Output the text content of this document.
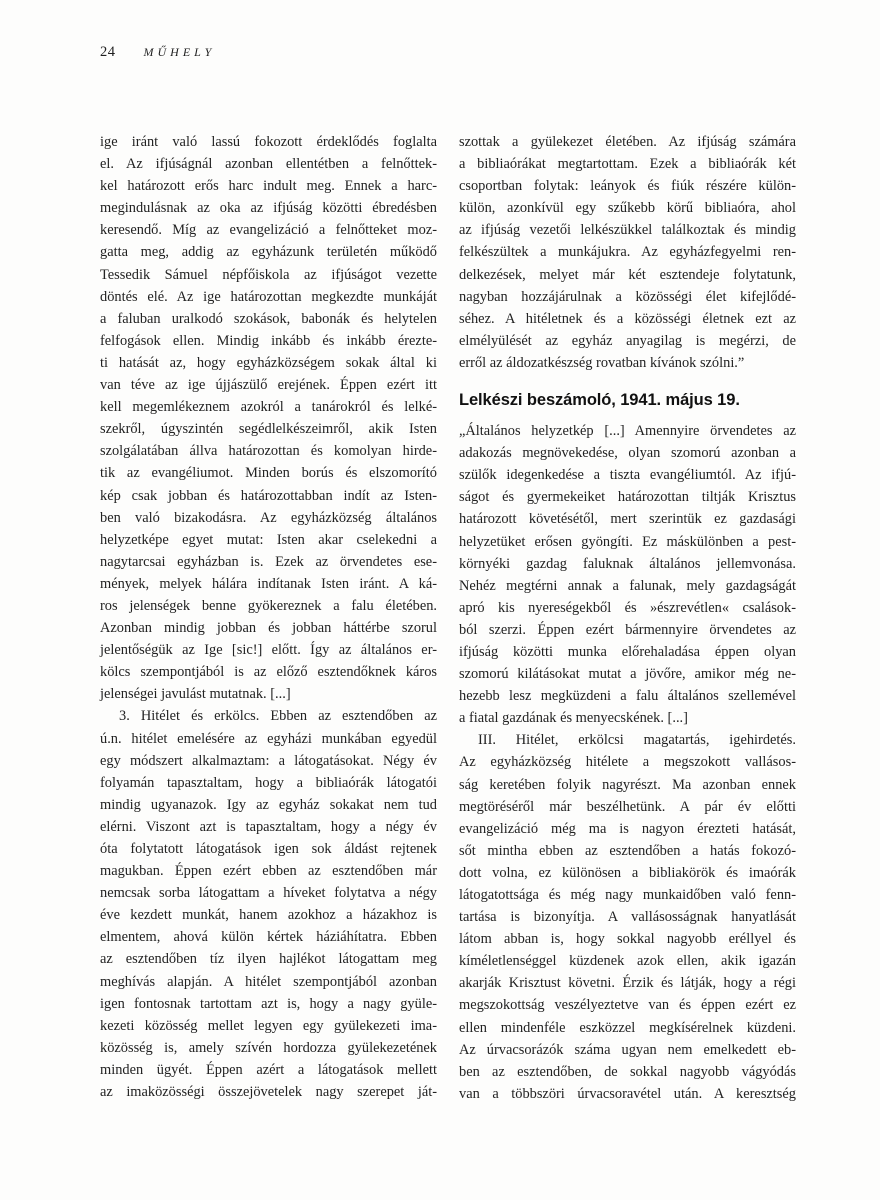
24 MŰHELY
ige iránt való lassú fokozott érdeklődés foglalta
el. Az ifjúságnál azonban ellentétben a felnőttek-
kel határozott erős harc indult meg. Ennek a harc-
megindulásnak az oka az ifjúság közötti ébredésben
keresendő. Míg az evangelizáció a felnőtteket moz-
gatta meg, addig az egyházunk területén működő
Tessedik Sámuel népfőiskola az ifjúságot vezette
döntés elé. Az ige határozottan megkezdte munkáját
a faluban uralkodó szokások, babonák és helytelen
felfogások ellen. Mindig inkább és inkább érezte-
ti hatását az, hogy egyházközségem sokak által ki
van téve az ige újjászülő erejének. Éppen ezért itt
kell megemlékeznem azokról a tanárokról és lelké-
szekről, úgyszintén segédlelkészeimről, akik Isten
szolgálatában állva határozottan és komolyan hirde-
tik az evangéliumot. Minden borús és elszomorító
kép csak jobban és határozottabban indít az Isten-
ben való bizakodásra. Az egyházközség általános
helyzetképe egyet mutat: Isten akar cselekedni a
nagytarcsai egyházban is. Ezek az örvendetes ese-
mények, melyek hálára indítanak Isten iránt. A ká-
ros jelenségek benne gyökereznek a falu életében.
Azonban mindig jobban és jobban háttérbe szorul
jelentőségük az Ige [sic!] előtt. Így az általános er-
kölcs szempontjából is az előző esztendőknek káros
jelenségei javulást mutatnak. [...]
3. Hitélet és erkölcs. Ebben az esztendőben az
ú.n. hitélet emelésére az egyházi munkában egyedül
egy módszert alkalmaztam: a látogatásokat. Négy év
folyamán tapasztaltam, hogy a bibliaórák látogatói
mindig ugyanazok. Igy az egyház sokakat nem tud
elérni. Viszont azt is tapasztaltam, hogy a négy év
óta folytatott látogatások igen sok áldást rejtenek
magukban. Éppen ezért ebben az esztendőben már
nemcsak sorba látogattam a híveket folytatva a négy
éve kezdett munkát, hanem azokhoz a házakhoz is
elmentem, ahová külön kértek háziáhítatra. Ebben
az esztendőben tíz ilyen hajlékot látogattam meg
meghívás alapján. A hitélet szempontjából azonban
igen fontosnak tartottam azt is, hogy a nagy gyüle-
kezeti közösség mellet legyen egy gyülekezeti ima-
közösség is, amely szívén hordozza gyülekezetének
minden ügyét. Éppen azért a látogatások mellett
az imaközösségi összejövetelek nagy szerepet ját-
szottak a gyülekezet életében. Az ifjúság számára
a bibliaórákat megtartottam. Ezek a bibliaórák két
csoportban folytak: leányok és fiúk részére külön-
külön, azonkívül egy szűkebb körű bibliaóra, ahol
az ifjúság vezetői lelkészükkel találkoztak és mindig
felkészültek a munkájukra. Az egyházfegyelmi ren-
delkezések, melyet már két esztendeje folytatunk,
nagyban hozzájárulnak a közösségi élet kifejlődé-
séhez. A hitéletnek és a közösségi életnek ezt az
elmélyülését az egyház anyagilag is megérzi, de
erről az áldozatkészség rovatban kívánok szólni.”
Lelkészi beszámoló, 1941. május 19.
„Általános helyzetkép [...] Amennyire örvendetes az
adakozás megnövekedése, olyan szomorú azonban a
szülők idegenkedése a tiszta evangéliumtól. Az ifjú-
ságot és gyermekeiket határozottan tiltják Krisztus
határozott követésétől, mert szerintük ez gazdasági
helyzetüket erősen gyöngíti. Ez máskülönben a pest-
környéki gazdag faluknak általános jellemvonása.
Nehéz megtérni annak a falunak, mely gazdagságát
apró kis nyereségekből és »észrevétlen« csalások-
ból szerzi. Éppen ezért bármennyire örvendetes az
ifjúság közötti munka előrehaladása éppen olyan
szomorú kilátásokat mutat a jövőre, amikor még ne-
hezebb lesz megküzdeni a falu általános szellemével
a fiatal gazdának és menyecskének. [...]
III. Hitélet, erkölcsi magatartás, igehirdetés.
Az egyházközség hitélete a megszokott vallásos-
ság keretében folyik nagyrészt. Ma azonban ennek
megtöréséről már beszélhetünk. A pár év előtti
evangelizáció még ma is nagyon érezteti hatását,
sőt mintha ebben az esztendőben a hatás fokozó-
dott volna, ez különösen a bibliakörök és imaórák
látogatottsága és még nagy munkaidőben való fenn-
tartása is bizonyítja. A vallásosságnak hanyatlását
látom abban is, hogy sokkal nagyobb eréllyel és
kíméletlenséggel küzdenek azok ellen, akik igazán
akarják Krisztust követni. Érzik és látják, hogy a régi
megszokottság veszélyeztetve van és éppen ezért ez
ellen mindenféle eszközzel megkísérelnek küzdeni.
Az úrvacsorázók száma ugyan nem emelkedett eb-
ben az esztendőben, de sokkal nagyobb vágyódás
van a többszöri úrvacsoravétel után. A keresztség
